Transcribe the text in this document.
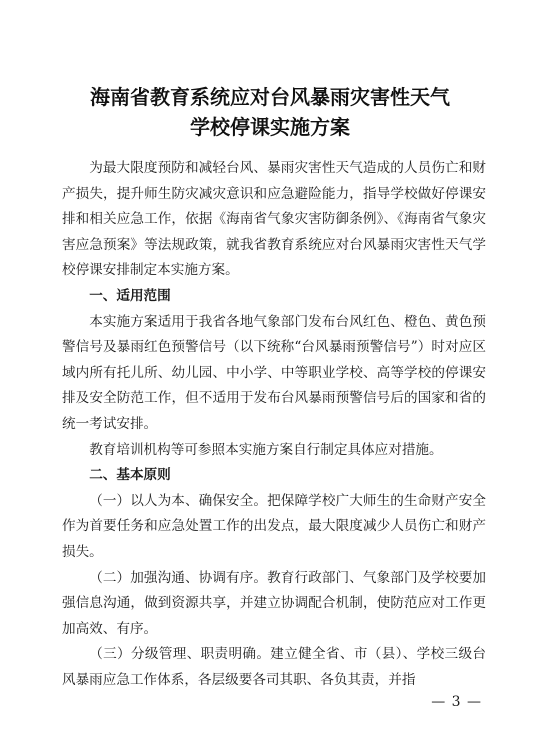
海南省教育系统应对台风暴雨灾害性天气
学校停课实施方案

为最大限度预防和减轻台风、暴雨灾害性天气造成的人员伤亡和财产损失，提升师生防灾减灾意识和应急避险能力，指导学校做好停课安排和相关应急工作，依据《海南省气象灾害防御条例》、《海南省气象灾害应急预案》等法规政策，就我省教育系统应对台风暴雨灾害性天气学校停课安排制定本实施方案。

一、适用范围

本实施方案适用于我省各地气象部门发布台风红色、橙色、黄色预警信号及暴雨红色预警信号（以下统称“台风暴雨预警信号”）时对应区域内所有托儿所、幼儿园、中小学、中等职业学校、高等学校的停课安排及安全防范工作，但不适用于发布台风暴雨预警信号后的国家和省的统一考试安排。

教育培训机构等可参照本实施方案自行制定具体应对措施。

二、基本原则

（一）以人为本、确保安全。把保障学校广大师生的生命财产安全作为首要任务和应急处置工作的出发点，最大限度减少人员伤亡和财产损失。

（二）加强沟通、协调有序。教育行政部门、气象部门及学校要加强信息沟通，做到资源共享，并建立协调配合机制，使防范应对工作更加高效、有序。

（三）分级管理、职责明确。建立健全省、市（县）、学校三级台风暴雨应急工作体系，各层级要各司其职、各负其责，并指

— 3 —
